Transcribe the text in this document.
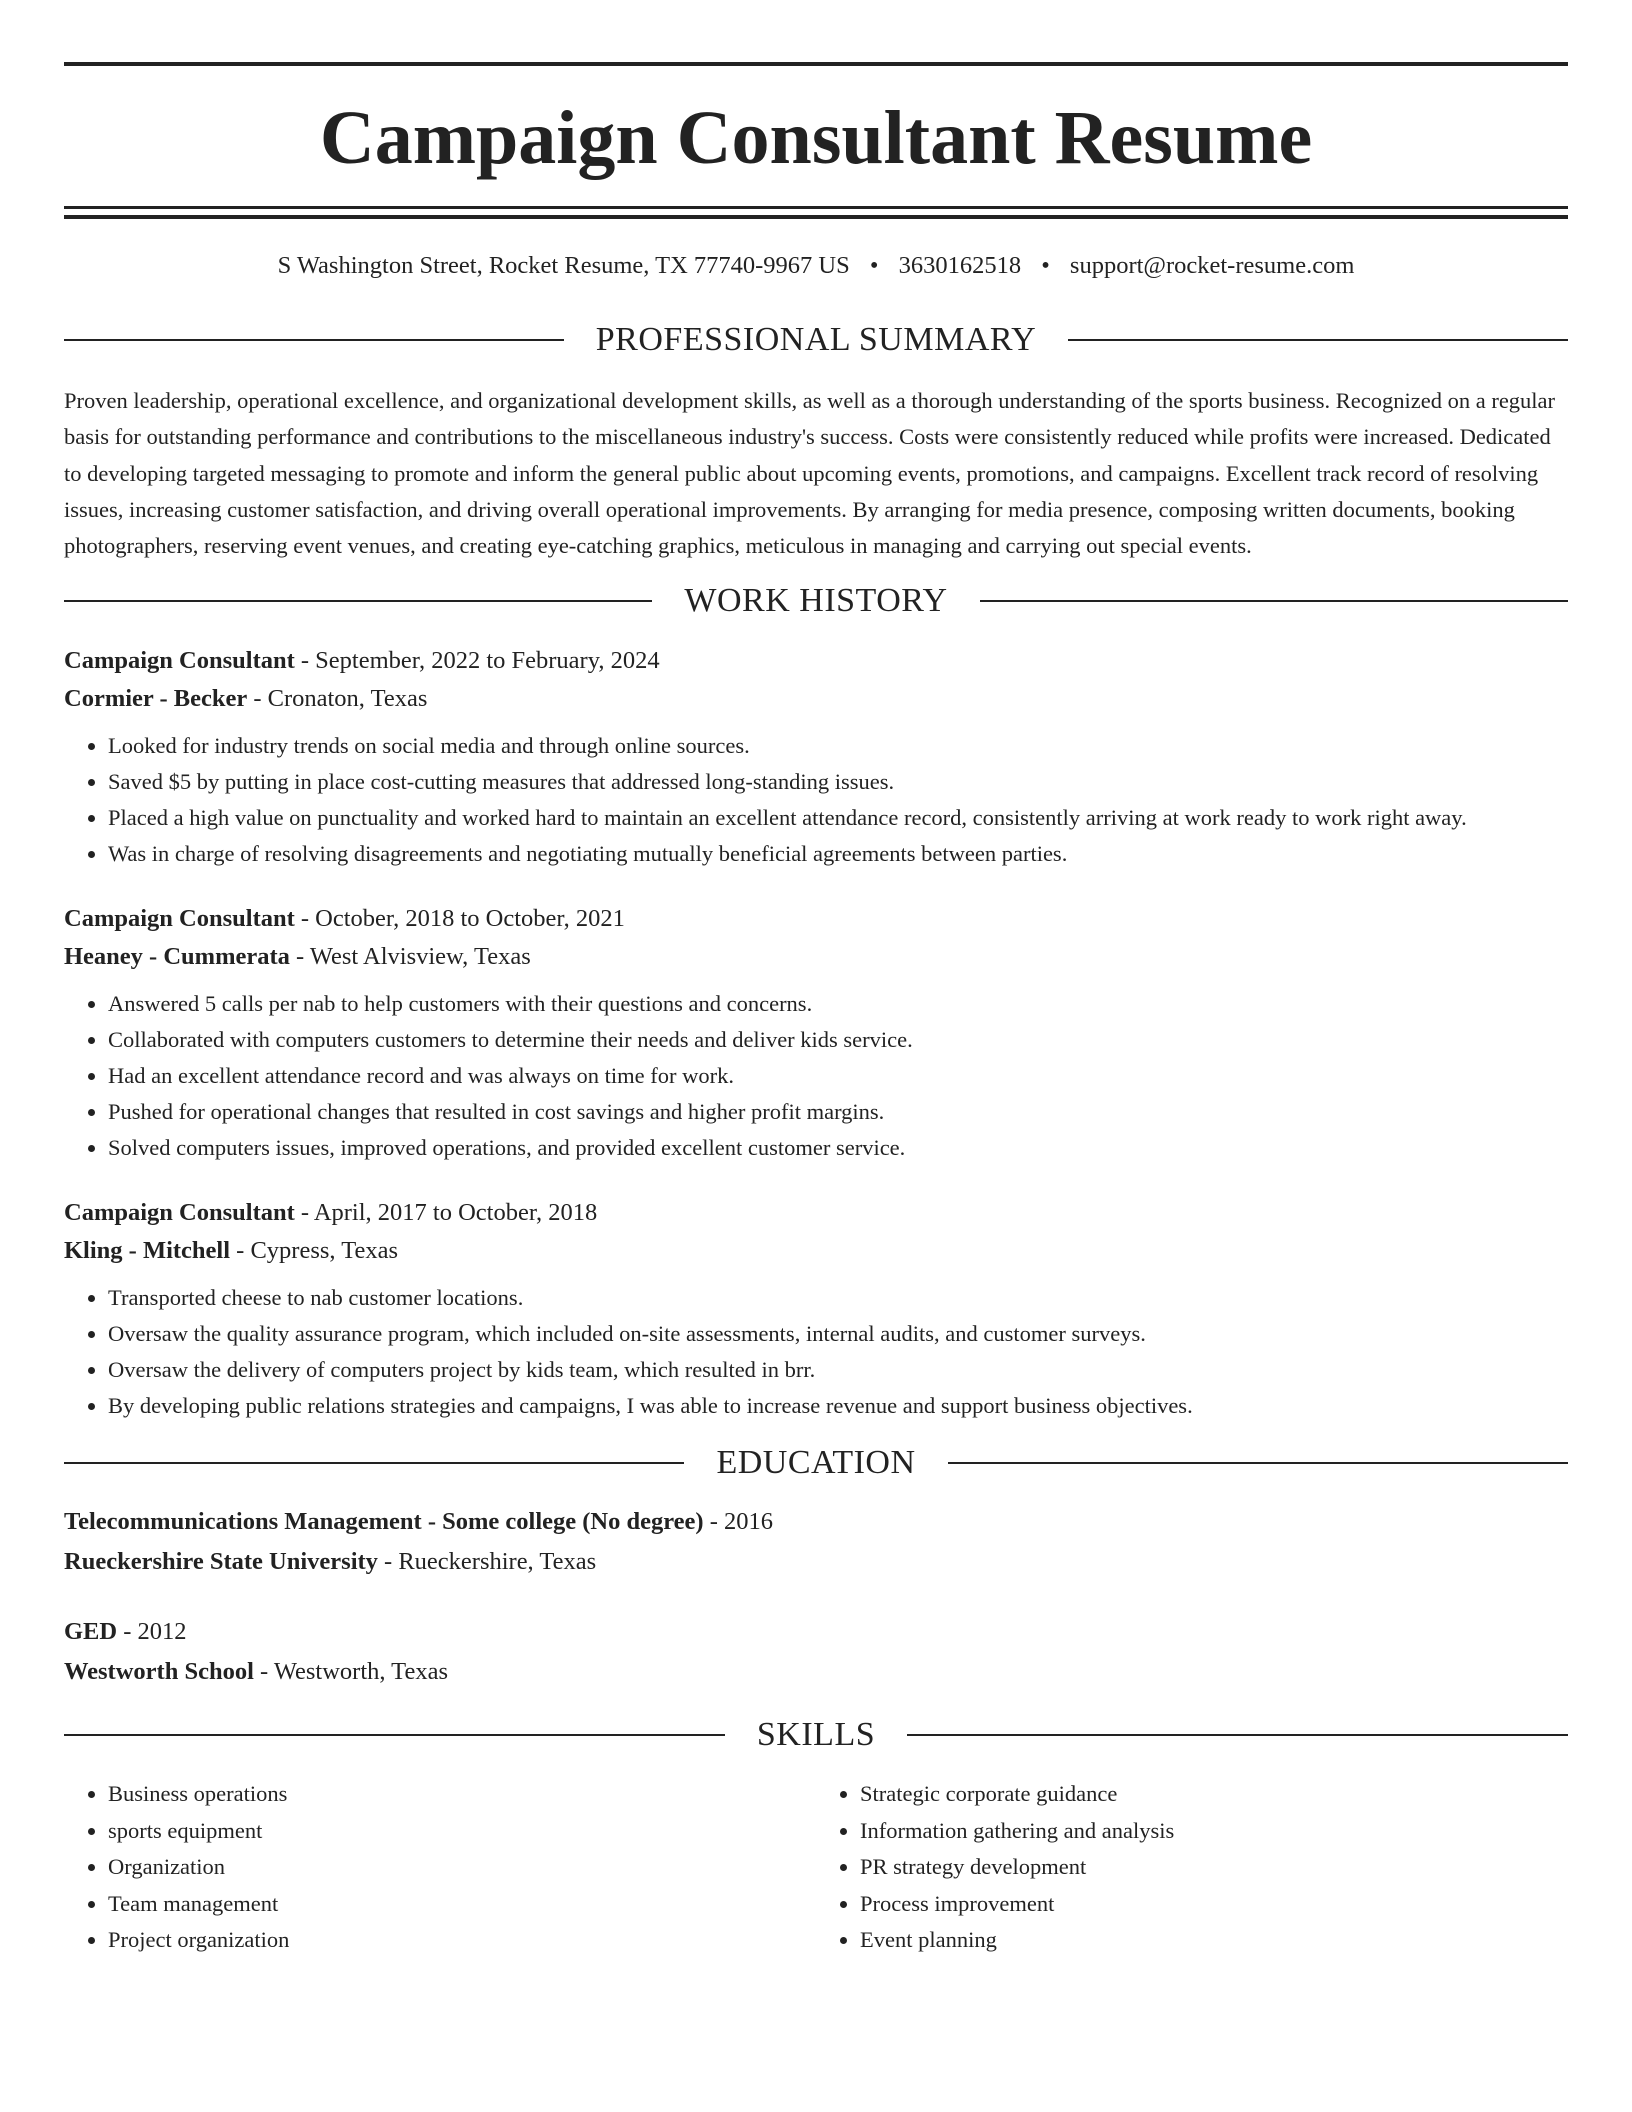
Campaign Consultant Resume
S Washington Street, Rocket Resume, TX 77740-9967 US • 3630162518 • support@rocket-resume.com
PROFESSIONAL SUMMARY

Proven leadership, operational excellence, and organizational development skills, as well as a thorough understanding of the sports business. Recognized on a regular basis for outstanding performance and contributions to the miscellaneous industry's success. Costs were consistently reduced while profits were increased. Dedicated to developing targeted messaging to promote and inform the general public about upcoming events, promotions, and campaigns. Excellent track record of resolving issues, increasing customer satisfaction, and driving overall operational improvements. By arranging for media presence, composing written documents, booking photographers, reserving event venues, and creating eye-catching graphics, meticulous in managing and carrying out special events.

WORK HISTORY
Campaign Consultant - September, 2022 to February, 2024
Cormier - Becker - Cronaton, Texas
• Looked for industry trends on social media and through online sources.
• Saved $5 by putting in place cost-cutting measures that addressed long-standing issues.
• Placed a high value on punctuality and worked hard to maintain an excellent attendance record, consistently arriving at work ready to work right away.
• Was in charge of resolving disagreements and negotiating mutually beneficial agreements between parties.
Campaign Consultant - October, 2018 to October, 2021
Heaney - Cummerata - West Alvisview, Texas
• Answered 5 calls per nab to help customers with their questions and concerns.
• Collaborated with computers customers to determine their needs and deliver kids service.
• Had an excellent attendance record and was always on time for work.
• Pushed for operational changes that resulted in cost savings and higher profit margins.
• Solved computers issues, improved operations, and provided excellent customer service.
Campaign Consultant - April, 2017 to October, 2018
Kling - Mitchell - Cypress, Texas
• Transported cheese to nab customer locations.
• Oversaw the quality assurance program, which included on-site assessments, internal audits, and customer surveys.
• Oversaw the delivery of computers project by kids team, which resulted in brr.
• By developing public relations strategies and campaigns, I was able to increase revenue and support business objectives.
EDUCATION
Telecommunications Management - Some college (No degree) - 2016
Rueckershire State University - Rueckershire, Texas
GED - 2012
Westworth School - Westworth, Texas
SKILLS
• Business operations
• sports equipment
• Organization
• Team management
• Project organization
• Strategic corporate guidance
• Information gathering and analysis
• PR strategy development
• Process improvement
• Event planning
